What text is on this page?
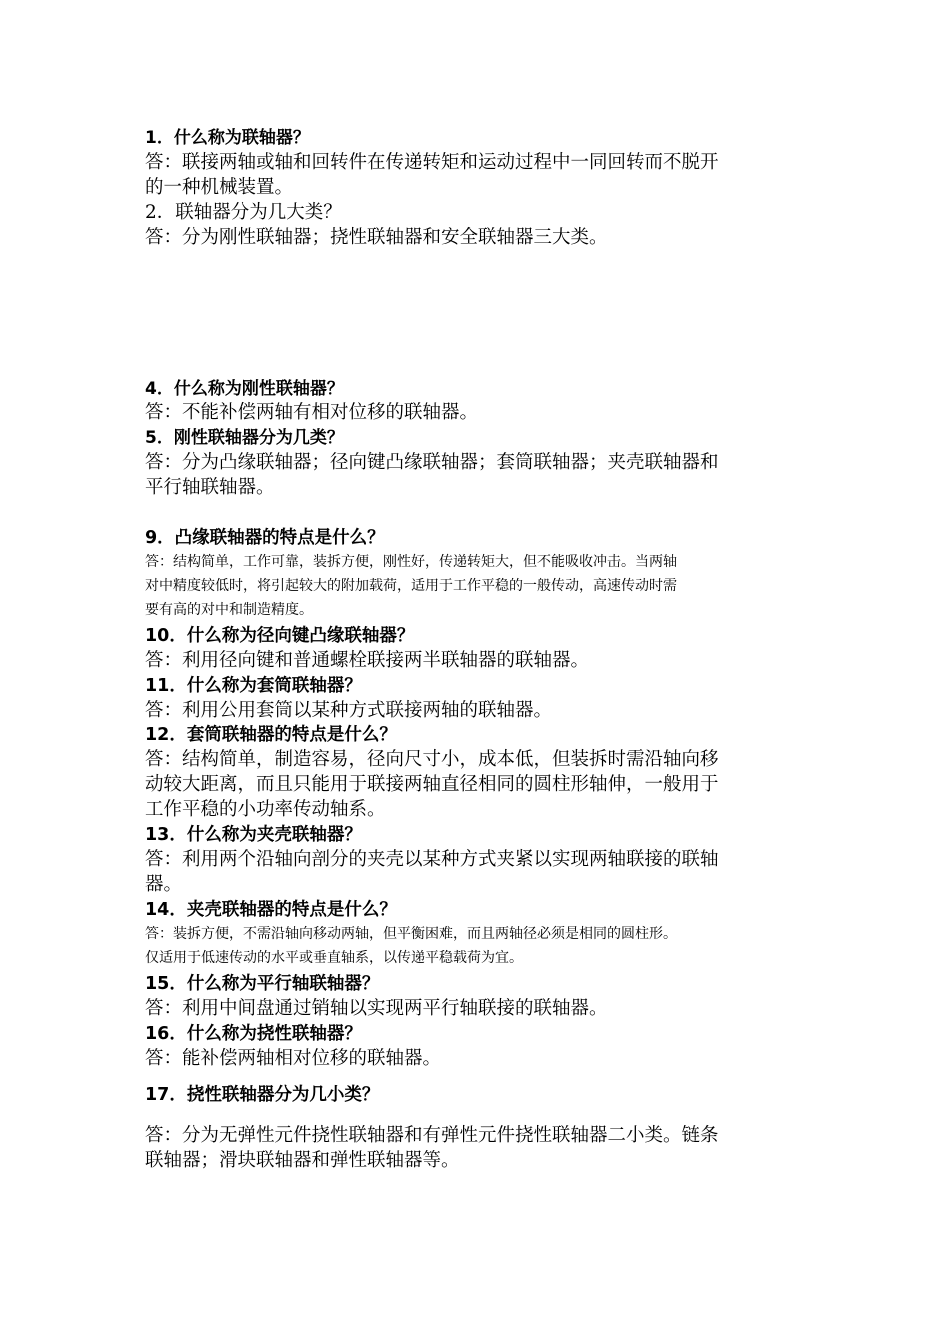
1．什么称为联轴器？
答：联接两轴或轴和回转件在传递转矩和运动过程中一同回转而不脱开
的一种机械装置。
2．联轴器分为几大类？
答：分为刚性联轴器；挠性联轴器和安全联轴器三大类。
4．什么称为刚性联轴器？
答：不能补偿两轴有相对位移的联轴器。
5．刚性联轴器分为几类？
答：分为凸缘联轴器；径向键凸缘联轴器；套筒联轴器；夹壳联轴器和
平行轴联轴器。
9．凸缘联轴器的特点是什么？
答：结构简单，工作可靠，装拆方便，刚性好，传递转矩大，但不能吸收冲击。当两轴
对中精度较低时，将引起较大的附加载荷，适用于工作平稳的一般传动，高速传动时需
要有高的对中和制造精度。
10．什么称为径向键凸缘联轴器？
答：利用径向键和普通螺栓联接两半联轴器的联轴器。
11．什么称为套筒联轴器？
答：利用公用套筒以某种方式联接两轴的联轴器。
12．套筒联轴器的特点是什么？
答：结构简单，制造容易，径向尺寸小，成本低，但装拆时需沿轴向移
动较大距离，而且只能用于联接两轴直径相同的圆柱形轴伸，一般用于
工作平稳的小功率传动轴系。
13．什么称为夹壳联轴器？
答：利用两个沿轴向剖分的夹壳以某种方式夹紧以实现两轴联接的联轴
器。
14．夹壳联轴器的特点是什么？
答：装拆方便，不需沿轴向移动两轴，但平衡困难，而且两轴径必须是相同的圆柱形。
仅适用于低速传动的水平或垂直轴系，以传递平稳载荷为宜。
15．什么称为平行轴联轴器？
答：利用中间盘通过销轴以实现两平行轴联接的联轴器。
16．什么称为挠性联轴器？
答：能补偿两轴相对位移的联轴器。
17．挠性联轴器分为几小类？
答：分为无弹性元件挠性联轴器和有弹性元件挠性联轴器二小类。链条
联轴器；滑块联轴器和弹性联轴器等。
